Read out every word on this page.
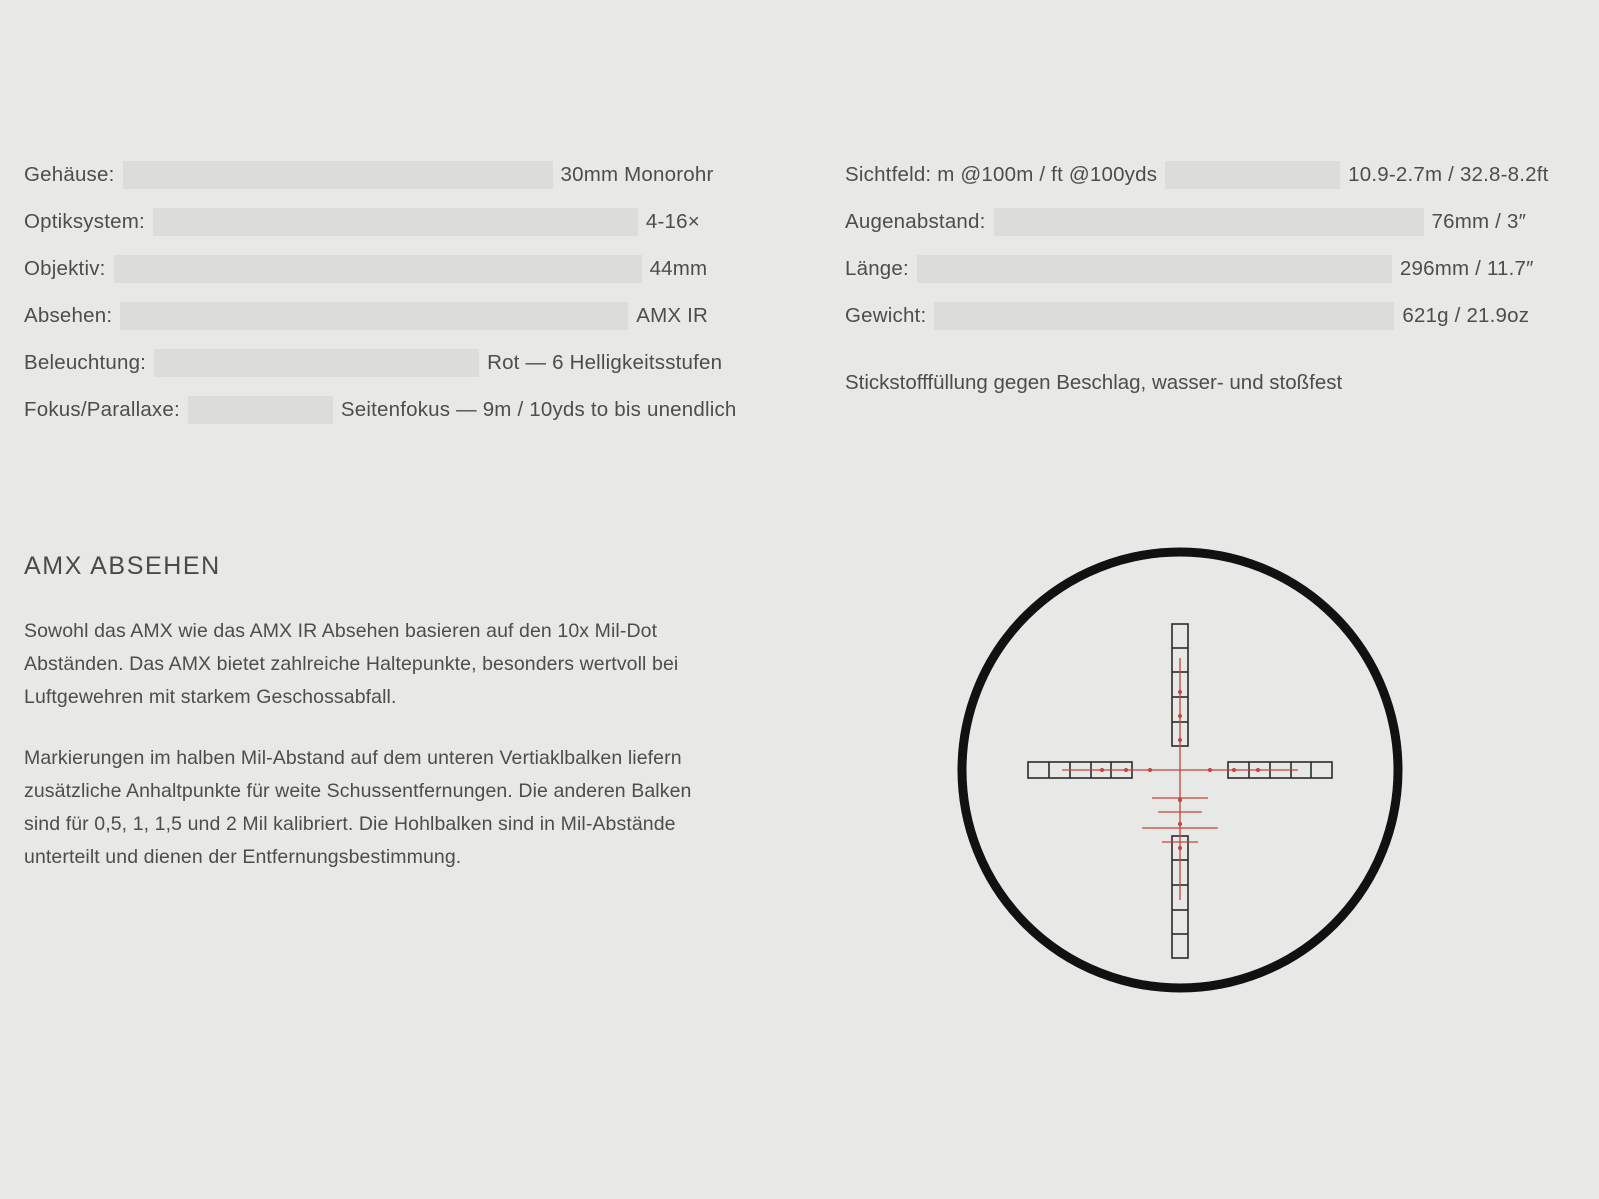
Gehäuse:	30mm Monorohr
Optiksystem:	4-16×
Objektiv:	44mm
Absehen:	AMX IR
Beleuchtung:	Rot — 6 Helligkeitsstufen
Fokus/Parallaxe:	Seitenfokus — 9m / 10yds to bis unendlich
Sichtfeld: m @100m / ft @100yds	10.9-2.7m / 32.8-8.2ft
Augenabstand:	76mm / 3″
Länge:	296mm / 11.7″
Gewicht:	621g / 21.9oz
Stickstofffüllung gegen Beschlag, wasser- und stoßfest
AMX ABSEHEN

Sowohl das AMX wie das AMX IR Absehen basieren auf den 10x Mil-Dot Abständen. Das AMX bietet zahlreiche Haltepunkte, besonders wertvoll bei Luftgewehren mit starkem Geschossabfall.

Markierungen im halben Mil-Abstand auf dem unteren Vertiaklbalken liefern zusätzliche Anhaltpunkte für weite Schussentfernungen. Die anderen Balken sind für 0,5, 1, 1,5 und 2 Mil kalibriert. Die Hohlbalken sind in Mil-Abstände unterteilt und dienen der Entfernungsbestimmung.
